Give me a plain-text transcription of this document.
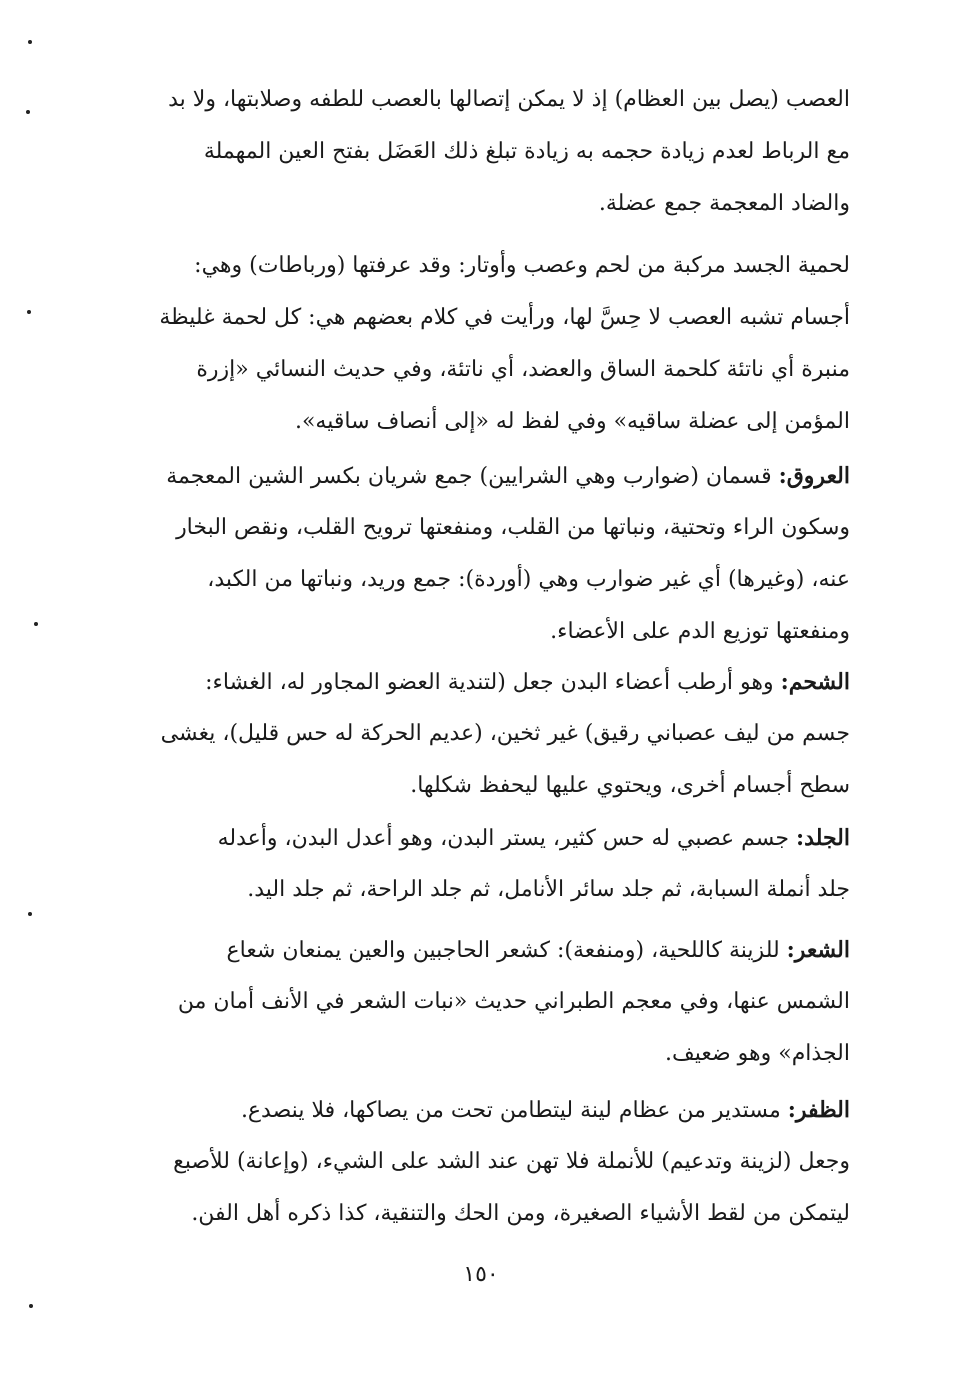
العصب (يصل بين العظام) إذ لا يمكن إتصالها بالعصب للطفه وصلابتها، ولا بد
مع الرباط لعدم زيادة حجمه به زيادة تبلغ ذلك العَضَل بفتح العين المهملة
والضاد المعجمة جمع عضلة.
لحمية الجسد مركبة من لحم وعصب وأوتار: وقد عرفتها (ورباطات) وهي:
أجسام تشبه العصب لا حِسَّ لها، ورأيت في كلام بعضهم هي: كل لحمة غليظة
منبرة أي ناتئة كلحمة الساق والعضد، أي ناتئة، وفي حديث النسائي «إزرة
المؤمن إلى عضلة ساقيه» وفي لفظ له «إلى أنصاف ساقيه».
العروق: قسمان (ضوارب وهي الشرايين) جمع شريان بكسر الشين المعجمة
وسكون الراء وتحتية، ونباتها من القلب، ومنفعتها ترويح القلب، ونقص البخار
عنه، (وغيرها) أي غير ضوارب وهي (أوردة): جمع وريد، ونباتها من الكبد،
ومنفعتها توزيع الدم على الأعضاء.
الشحم: وهو أرطب أعضاء البدن جعل (لتندية العضو المجاور له، الغشاء:
جسم من ليف عصباني رقيق) غير ثخين، (عديم الحركة له حس قليل)، يغشى
سطح أجسام أخرى، ويحتوي عليها ليحفظ شكلها.
الجلد: جسم عصبي له حس كثير، يستر البدن، وهو أعدل البدن، وأعدله
جلد أنملة السبابة، ثم جلد سائر الأنامل، ثم جلد الراحة، ثم جلد اليد.
الشعر: للزينة كاللحية، (ومنفعة): كشعر الحاجبين والعين يمنعان شعاع
الشمس عنها، وفي معجم الطبراني حديث «نبات الشعر في الأنف أمان من
الجذام» وهو ضعيف.
الظفر: مستدير من عظام لينة ليتطامن تحت من يصاكها، فلا ينصدع.
وجعل (لزينة وتدعيم) للأنملة فلا تهن عند الشد على الشيء، (وإعانة) للأصبع
ليتمكن من لقط الأشياء الصغيرة، ومن الحك والتنقية، كذا ذكره أهل الفن.
١٥٠
